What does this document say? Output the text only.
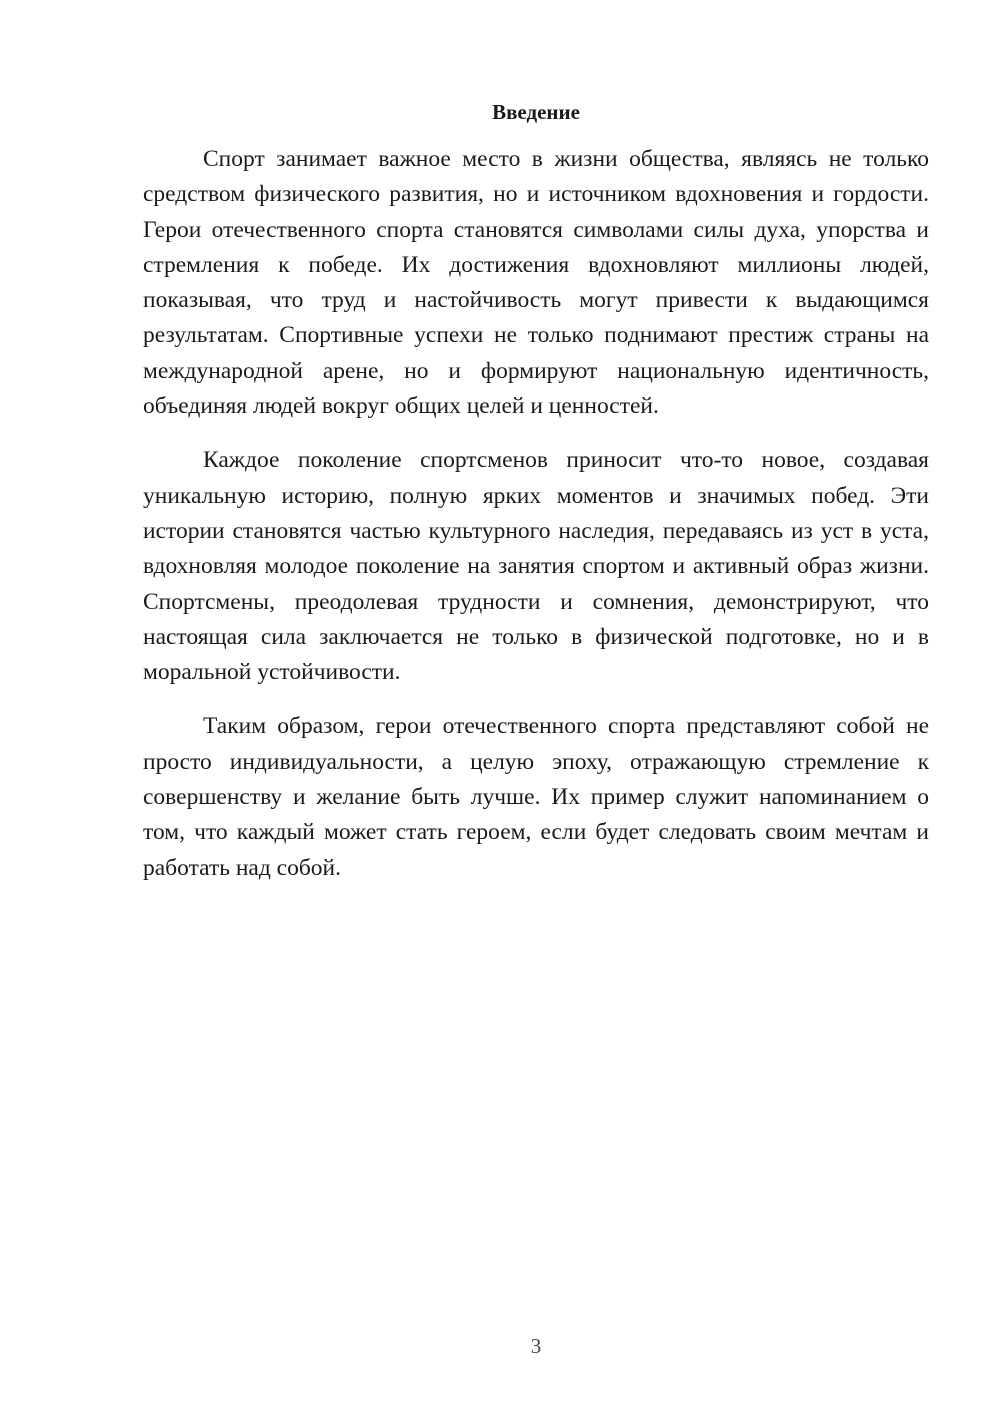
Введение

Спорт занимает важное место в жизни общества, являясь не только средством физического развития, но и источником вдохновения и гордости. Герои отечественного спорта становятся символами силы духа, упорства и стремления к победе. Их достижения вдохновляют миллионы людей, показывая, что труд и настойчивость могут привести к выдающимся результатам. Спортивные успехи не только поднимают престиж страны на международной арене, но и формируют национальную идентичность, объединяя людей вокруг общих целей и ценностей.

Каждое поколение спортсменов приносит что-то новое, создавая уникальную историю, полную ярких моментов и значимых побед. Эти истории становятся частью культурного наследия, передаваясь из уст в уста, вдохновляя молодое поколение на занятия спортом и активный образ жизни. Спортсмены, преодолевая трудности и сомнения, демонстрируют, что настоящая сила заключается не только в физической подготовке, но и в моральной устойчивости.

Таким образом, герои отечественного спорта представляют собой не просто индивидуальности, а целую эпоху, отражающую стремление к совершенству и желание быть лучше. Их пример служит напоминанием о том, что каждый может стать героем, если будет следовать своим мечтам и работать над собой.

3
